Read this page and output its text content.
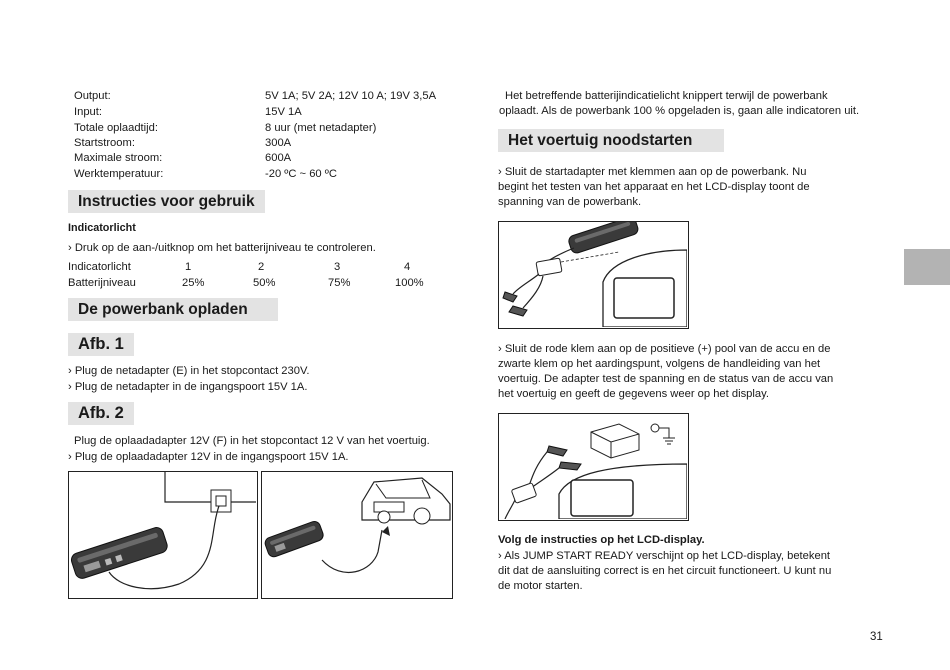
Output:	5V 1A; 5V 2A; 12V 10 A; 19V 3,5A
Input:	15V 1A
Totale oplaadtijd:	8 uur (met netadapter)
Startstroom:	300A
Maximale stroom:	600A
Werktemperatuur:	-20 ºC ~ 60 ºC
Instructies voor gebruik
Indicatorlicht
› Druk op de aan-/uitknop om het batterijniveau te controleren.
Indicatorlicht	1	2	3	4
Batterijniveau	25%	50%	75%	100%
De powerbank opladen
Afb. 1
› Plug de netadapter (E) in het stopcontact 230V.
› Plug de netadapter in de ingangspoort 15V 1A.
Afb. 2
Plug de oplaadadapter 12V (F) in het stopcontact 12 V van het voertuig.
› Plug de oplaadadapter 12V in de ingangspoort 15V 1A.
Het betreffende batterijindicatielicht knippert terwijl de powerbank
oplaadt. Als de powerbank 100 % opgeladen is, gaan alle indicatoren uit.
Het voertuig noodstarten
› Sluit de startadapter met klemmen aan op de powerbank. Nu
begint het testen van het apparaat en het LCD-display toont de
spanning van de powerbank.
› Sluit de rode klem aan op de positieve (+) pool van de accu en de
zwarte klem op het aardingspunt, volgens de handleiding van het
voertuig. De adapter test de spanning en de status van de accu van
het voertuig en geeft de gegevens weer op het display.
Volg de instructies op het LCD-display.
› Als JUMP START READY verschijnt op het LCD-display, betekent
dit dat de aansluiting correct is en het circuit functioneert. U kunt nu
de motor starten.
31
